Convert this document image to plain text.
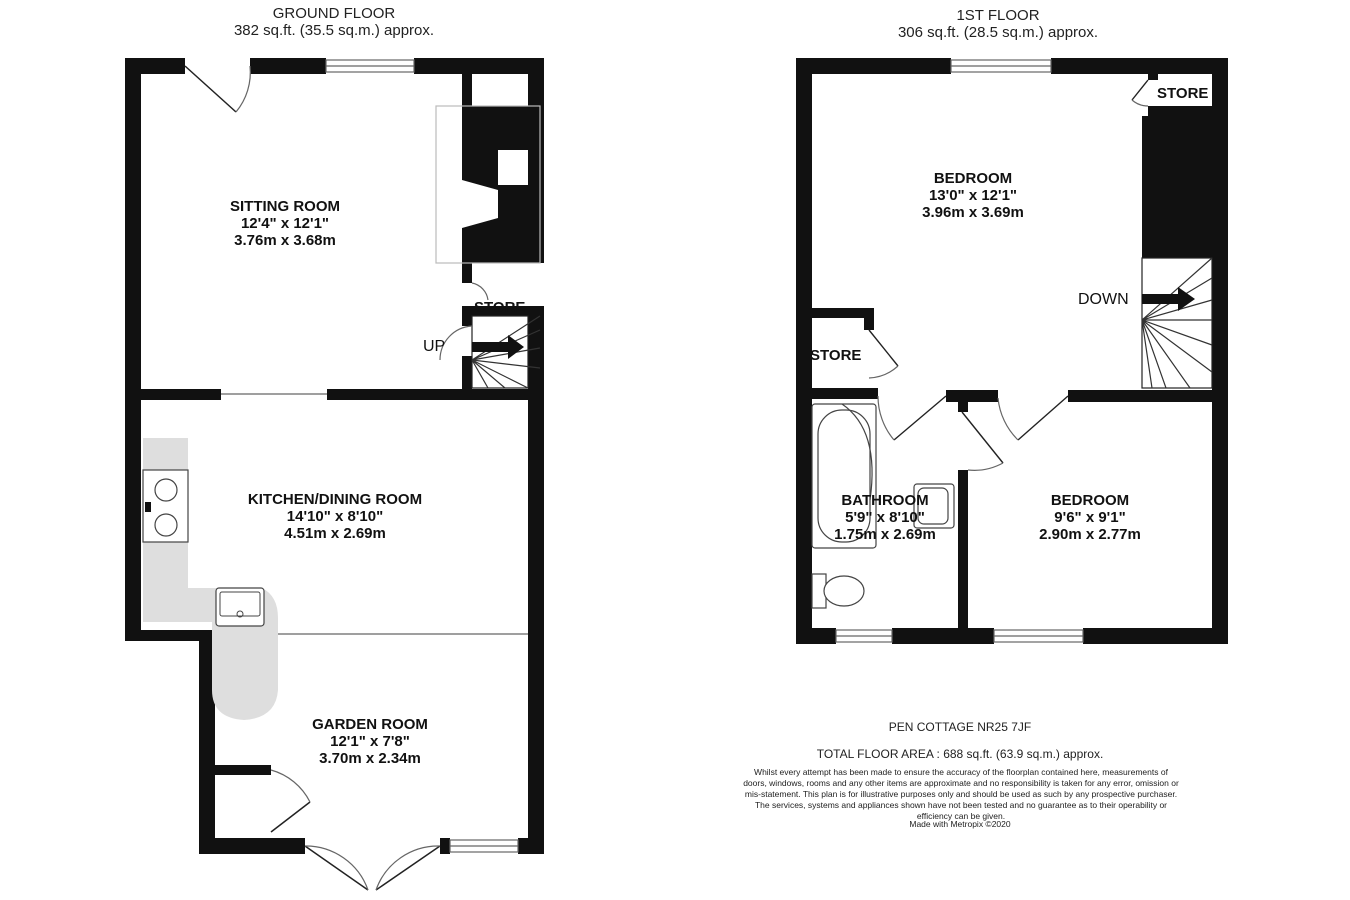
GROUND FLOOR
382 sq.ft. (35.5 sq.m.) approx.
1ST FLOOR
306 sq.ft. (28.5 sq.m.) approx.
SITTING ROOM
12'4" x 12'1"
3.76m x 3.68m
KITCHEN/DINING ROOM
14'10" x 8'10"
4.51m x 2.69m
GARDEN ROOM
12'1" x 7'8"
3.70m x 2.34m
BEDROOM
13'0" x 12'1"
3.96m x 3.69m
BATHROOM
5'9" x 8'10"
1.75m x 2.69m
BEDROOM
9'6" x 9'1"
2.90m x 2.77m
STORE
STORE
STORE
UP
DOWN
PEN COTTAGE NR25 7JF
TOTAL FLOOR AREA : 688 sq.ft. (63.9 sq.m.) approx.
Whilst every attempt has been made to ensure the accuracy of the floorplan contained here, measurements of doors, windows, rooms and any other items are approximate and no responsibility is taken for any error, omission or mis-statement. This plan is for illustrative purposes only and should be used as such by any prospective purchaser. The services, systems and appliances shown have not been tested and no guarantee as to their operability or efficiency can be given.
Made with Metropix ©2020
